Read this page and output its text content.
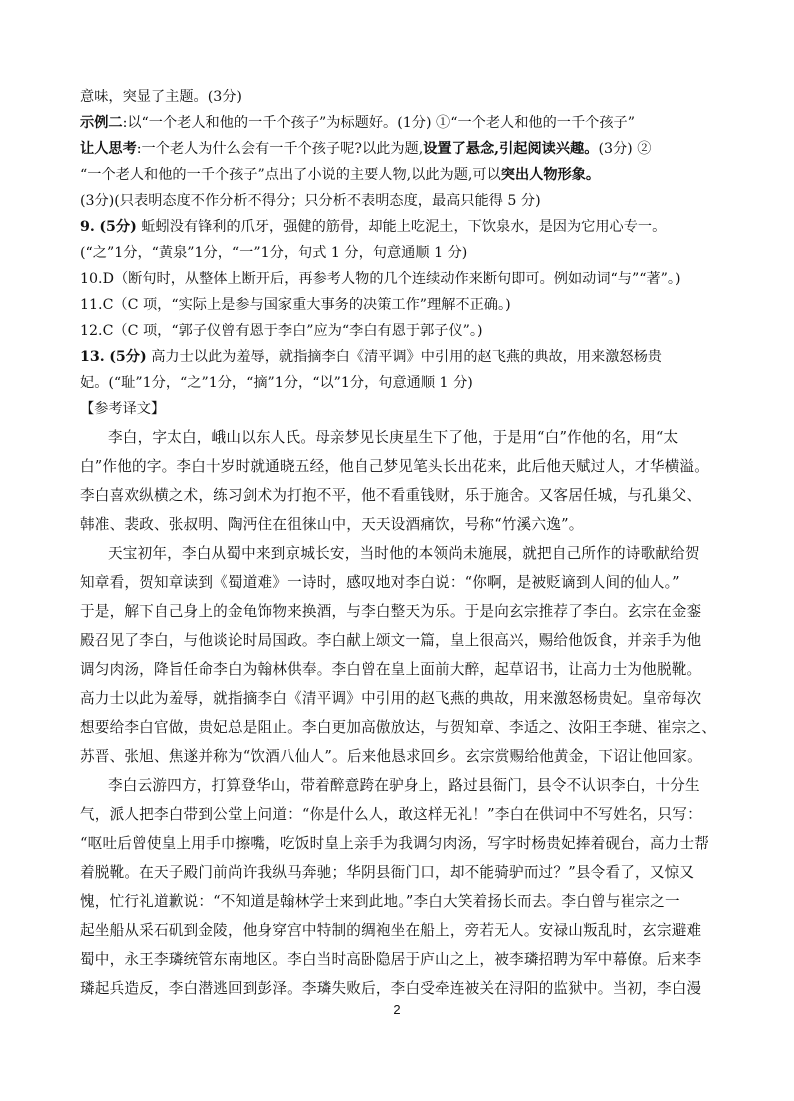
意味，突显了主题。(3分)
示例二:以“一个老人和他的一千个孩子”为标题好。(1分) ①“一个老人和他的一千个孩子”
让人思考:一个老人为什么会有一千个孩子呢?以此为题,设置了悬念,引起阅读兴趣。(3分) ②
“一个老人和他的一千个孩子”点出了小说的主要人物,以此为题,可以突出人物形象。
(3分)(只表明态度不作分析不得分；只分析不表明态度，最高只能得 5 分)
9. (5分) 蚯蚓没有锋利的爪牙，强健的筋骨，却能上吃泥土，下饮泉水，是因为它用心专一。
(“之”1分，“黄泉”1分，“一”1分，句式 1 分，句意通顺 1 分)
10.D（断句时，从整体上断开后，再参考人物的几个连续动作来断句即可。例如动词“与”“著”。)
11.C（C 项，“实际上是参与国家重大事务的决策工作”理解不正确。)
12.C（C 项，“郭子仪曾有恩于李白”应为“李白有恩于郭子仪”。)
13. (5分) 高力士以此为羞辱，就指摘李白《清平调》中引用的赵飞燕的典故，用来激怒杨贵
妃。(“耻”1分，“之”1分，“摘”1分，“以”1分，句意通顺 1 分)
【参考译文】
李白，字太白，峨山以东人氏。母亲梦见长庚星生下了他，于是用“白”作他的名，用“太
白”作他的字。李白十岁时就通晓五经，他自己梦见笔头长出花来，此后他天赋过人，才华横溢。
李白喜欢纵横之术，练习剑术为打抱不平，他不看重钱财，乐于施舍。又客居任城，与孔巢父、
韩准、裴政、张叔明、陶沔住在徂徕山中，天天设酒痛饮，号称“竹溪六逸”。
天宝初年，李白从蜀中来到京城长安，当时他的本领尚未施展，就把自己所作的诗歌献给贺
知章看，贺知章读到《蜀道难》一诗时，感叹地对李白说：“你啊，是被贬谪到人间的仙人。”
于是，解下自己身上的金龟饰物来换酒，与李白整天为乐。于是向玄宗推荐了李白。玄宗在金銮
殿召见了李白，与他谈论时局国政。李白献上颂文一篇，皇上很高兴，赐给他饭食，并亲手为他
调匀肉汤，降旨任命李白为翰林供奉。李白曾在皇上面前大醉，起草诏书，让高力士为他脱靴。
高力士以此为羞辱，就指摘李白《清平调》中引用的赵飞燕的典故，用来激怒杨贵妃。皇帝每次
想要给李白官做，贵妃总是阻止。李白更加高傲放达，与贺知章、李适之、汝阳王李琎、崔宗之、
苏晋、张旭、焦遂并称为“饮酒八仙人”。后来他恳求回乡。玄宗赏赐给他黄金，下诏让他回家。
李白云游四方，打算登华山，带着醉意跨在驴身上，路过县衙门，县令不认识李白，十分生
气，派人把李白带到公堂上问道：“你是什么人，敢这样无礼！”李白在供词中不写姓名，只写：
“呕吐后曾使皇上用手巾擦嘴，吃饭时皇上亲手为我调匀肉汤，写字时杨贵妃捧着砚台，高力士帮
着脱靴。在天子殿门前尚许我纵马奔驰；华阴县衙门口，却不能骑驴而过？”县令看了，又惊又
愧，忙行礼道歉说：“不知道是翰林学士来到此地。”李白大笑着扬长而去。李白曾与崔宗之一
起坐船从采石矶到金陵，他身穿宫中特制的绸袍坐在船上，旁若无人。安禄山叛乱时，玄宗避难
蜀中，永王李璘统管东南地区。李白当时高卧隐居于庐山之上，被李璘招聘为军中幕僚。后来李
璘起兵造反，李白潜逃回到彭泽。李璘失败后，李白受牵连被关在浔阳的监狱中。当初，李白漫
2
